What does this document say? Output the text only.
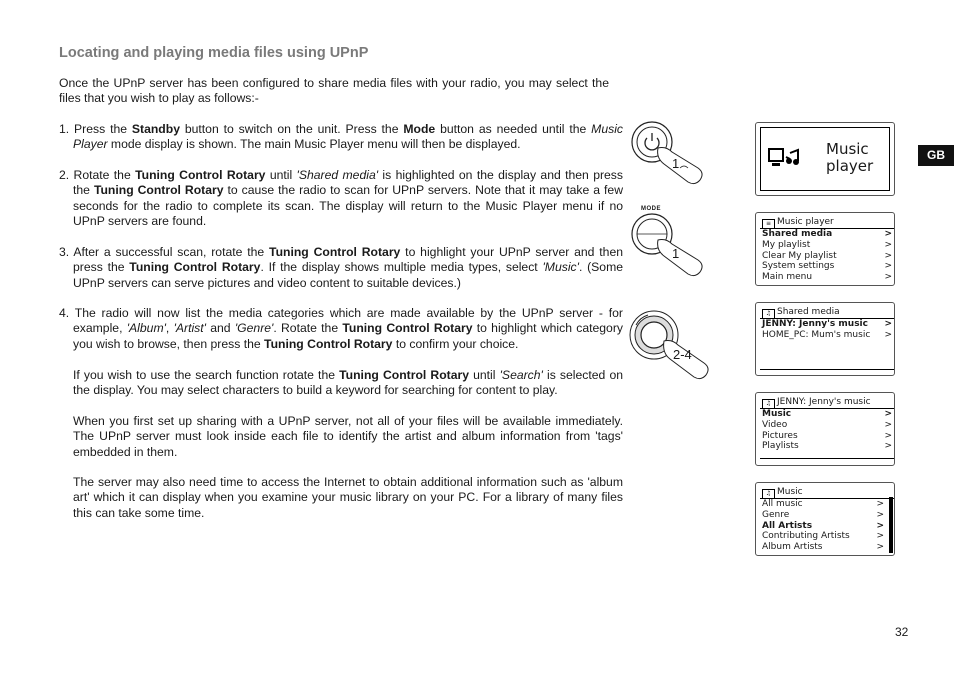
Locating and playing media files using UPnP
Once the UPnP server has been configured to share media files with your radio, you may select the files that you wish to play as follows:-
1. Press the Standby button to switch on the unit. Press the Mode button as needed until the Music Player mode display is shown. The main Music Player menu will then be displayed.
2. Rotate the Tuning Control Rotary until 'Shared media' is highlighted on the display and then press the Tuning Control Rotary to cause the radio to scan for UPnP servers. Note that it may take a few seconds for the radio to complete its scan. The display will return to the Music Player menu if no UPnP servers are found.
3. After a successful scan, rotate the Tuning Control Rotary to highlight your UPnP server and then press the Tuning Control Rotary. If the display shows multiple media types, select 'Music'. (Some UPnP servers can serve pictures and video content to suitable devices.)
4. The radio will now list the media categories which are made available by the UPnP server - for example, 'Album', 'Artist' and 'Genre'. Rotate the Tuning Control Rotary to highlight which category you wish to browse, then press the Tuning Control Rotary to confirm your choice.
If you wish to use the search function rotate the Tuning Control Rotary until 'Search' is selected on the display. You may select characters to build a keyword for searching for content to play.
When you first set up sharing with a UPnP server, not all of your files will be available immediately. The UPnP server must look inside each file to identify the artist and album information from 'tags' embedded in them.
The server may also need time to access the Internet to obtain additional information such as 'album art' which it can display when you examine your music library on your PC. For a library of many files this can take some time.
1
MODE
1
2-4
Music
player
≡ Music player
Shared media	>
My playlist	>
Clear My playlist	>
System settings	>
Main menu	>
♫ Shared media
JENNY: Jenny's music >
HOME_PC: Mum's music >
♫ JENNY: Jenny's music
Music	>
Video	>
Pictures	>
Playlists	>
♫ Music
All music	>
Genre	>
All Artists	>
Contributing Artists	>
Album Artists	>
GB
32
